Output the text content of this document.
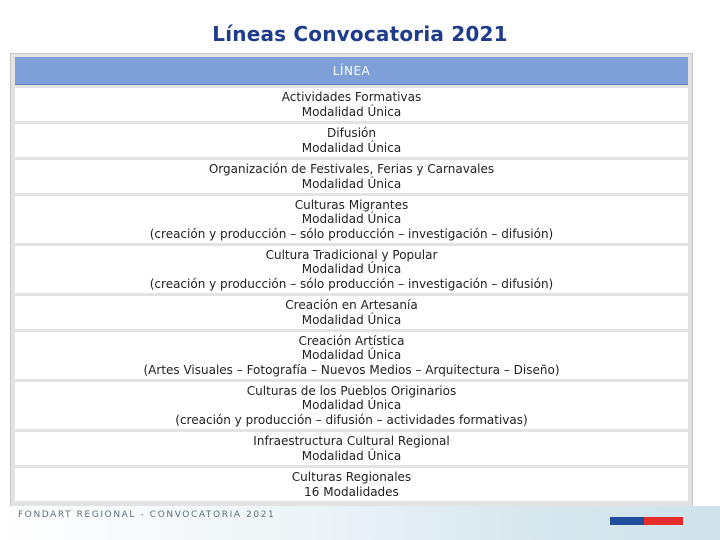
Líneas Convocatoria 2021
LÍNEA
Actividades Formativas
Modalidad Única
Difusión
Modalidad Única
Organización de Festivales, Ferias y Carnavales
Modalidad Única
Culturas Migrantes
Modalidad Única
(creación y producción – sólo producción – investigación – difusión)
Cultura Tradicional y Popular
Modalidad Única
(creación y producción – sólo producción – investigación – difusión)
Creación en Artesanía
Modalidad Única
Creación Artística
Modalidad Única
(Artes Visuales – Fotografía – Nuevos Medios – Arquitectura – Diseño)
Culturas de los Pueblos Originarios
Modalidad Única
(creación y producción – difusión – actividades formativas)
Infraestructura Cultural Regional
Modalidad Única
Culturas Regionales
16 Modalidades
FONDART REGIONAL - CONVOCATORIA 2021
